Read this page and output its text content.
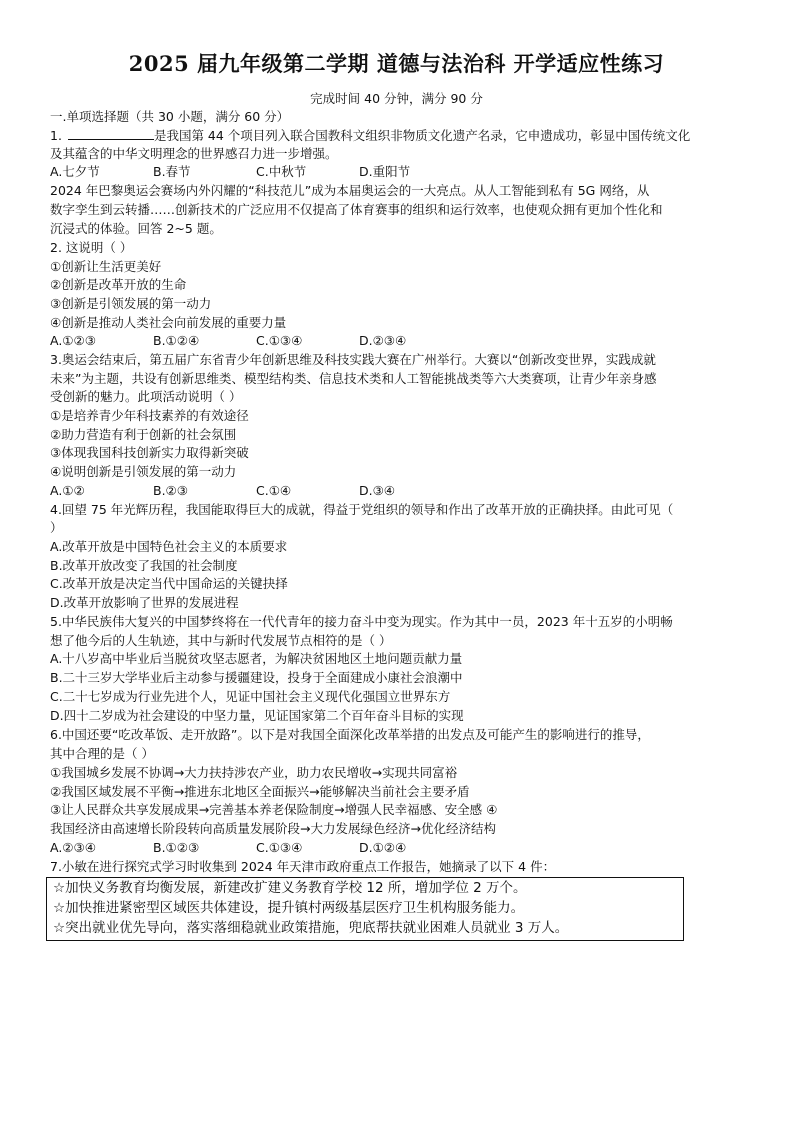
2025 届九年级第二学期 道德与法治科 开学适应性练习
完成时间 40 分钟，满分 90 分
一.单项选择题（共 30 小题，满分 60 分）
1.	是我国第 44 个项目列入联合国教科文组织非物质文化遗产名录，它申遗成功，彰显中国传统文化
及其蕴含的中华文明理念的世界感召力进一步增强。
A.七夕节	B.春节	C.中秋节	D.重阳节
2024 年巴黎奥运会赛场内外闪耀的“科技范儿”成为本届奥运会的一大亮点。从人工智能到私有 5G 网络，从
数字孪生到云转播……创新技术的广泛应用不仅提高了体育赛事的组织和运行效率，也使观众拥有更加个性化和
沉浸式的体验。回答 2~5 题。
2. 这说明（ ）
①创新让生活更美好
②创新是改革开放的生命
③创新是引领发展的第一动力
④创新是推动人类社会向前发展的重要力量
A.①②③	B.①②④	C.①③④	D.②③④
3.奥运会结束后，第五届广东省青少年创新思维及科技实践大赛在广州举行。大赛以“创新改变世界，实践成就
未来”为主题，共设有创新思维类、模型结构类、信息技术类和人工智能挑战类等六大类赛项，让青少年亲身感
受创新的魅力。此项活动说明（ ）
①是培养青少年科技素养的有效途径
②助力营造有利于创新的社会氛围
③体现我国科技创新实力取得新突破
④说明创新是引领发展的第一动力
A.①②	B.②③	C.①④	D.③④
4.回望 75 年光辉历程，我国能取得巨大的成就，得益于党组织的领导和作出了改革开放的正确抉择。由此可见（
）
A.改革开放是中国特色社会主义的本质要求
B.改革开放改变了我国的社会制度
C.改革开放是决定当代中国命运的关键抉择
D.改革开放影响了世界的发展进程
5.中华民族伟大复兴的中国梦终将在一代代青年的接力奋斗中变为现实。作为其中一员，2023 年十五岁的小明畅
想了他今后的人生轨迹，其中与新时代发展节点相符的是（ ）
A.十八岁高中毕业后当脱贫攻坚志愿者，为解决贫困地区土地问题贡献力量
B.二十三岁大学毕业后主动参与援疆建设，投身于全面建成小康社会浪潮中
C.二十七岁成为行业先进个人，见证中国社会主义现代化强国立世界东方
D.四十二岁成为社会建设的中坚力量，见证国家第二个百年奋斗目标的实现
6.中国还要“吃改革饭、走开放路”。以下是对我国全面深化改革举措的出发点及可能产生的影响进行的推导，
其中合理的是（ ）
①我国城乡发展不协调→大力扶持涉农产业，助力农民增收→实现共同富裕
②我国区域发展不平衡→推进东北地区全面振兴→能够解决当前社会主要矛盾
③让人民群众共享发展成果→完善基本养老保险制度→增强人民幸福感、安全感 ④
我国经济由高速增长阶段转向高质量发展阶段→大力发展绿色经济→优化经济结构
A.②③④	B.①②③	C.①③④	D.①②④
7.小敏在进行探究式学习时收集到 2024 年天津市政府重点工作报告，她摘录了以下 4 件：
☆加快义务教育均衡发展，新建改扩建义务教育学校 12 所，增加学位 2 万个。
☆加快推进紧密型区域医共体建设，提升镇村两级基层医疗卫生机构服务能力。
☆突出就业优先导向，落实落细稳就业政策措施，兜底帮扶就业困难人员就业 3 万人。
